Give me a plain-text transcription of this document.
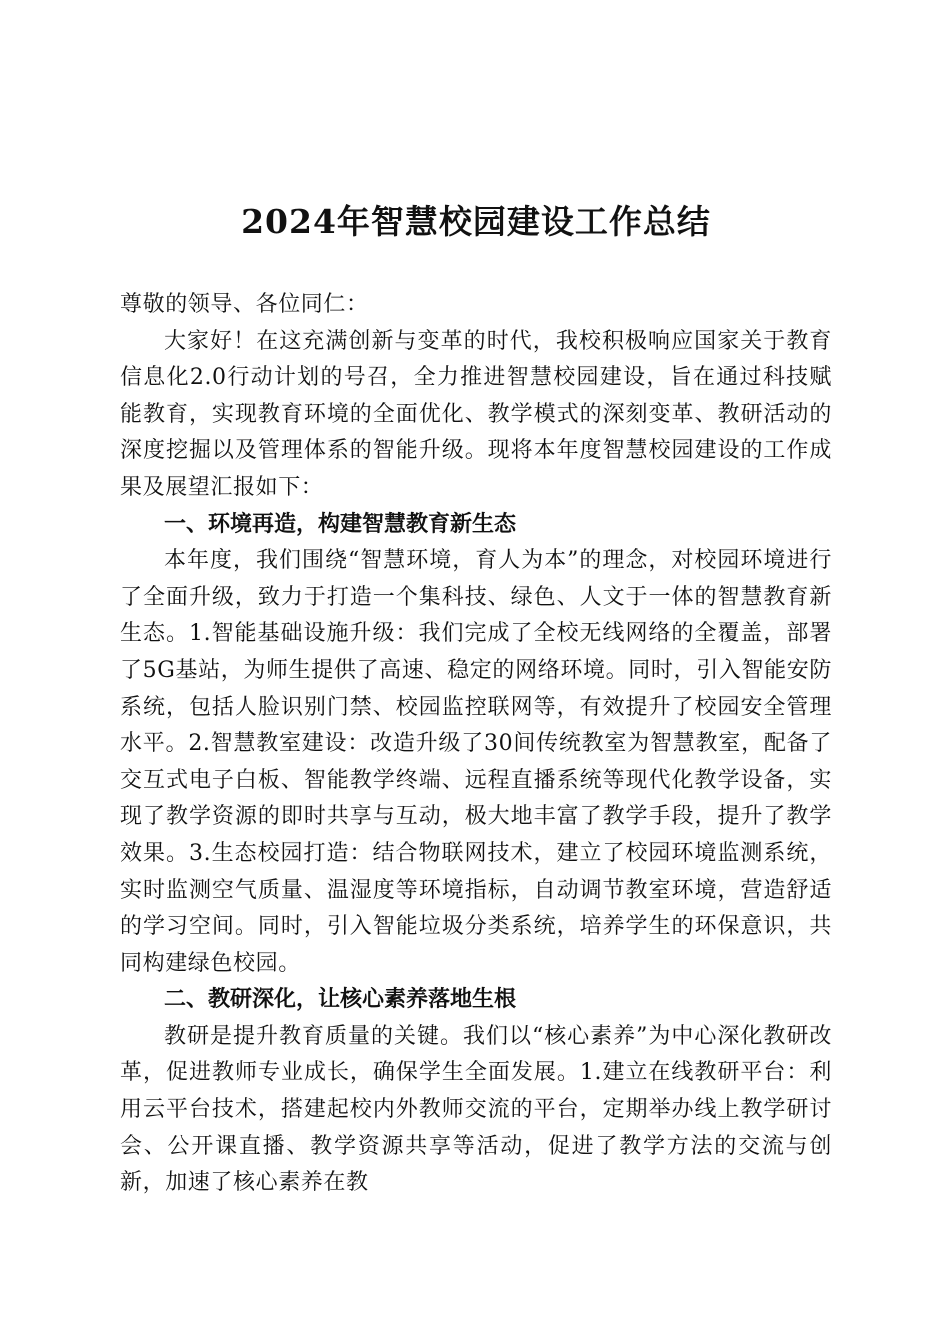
2024年智慧校园建设工作总结

尊敬的领导、各位同仁：

大家好！在这充满创新与变革的时代，我校积极响应国家关于教育信息化2.0行动计划的号召，全力推进智慧校园建设，旨在通过科技赋能教育，实现教育环境的全面优化、教学模式的深刻变革、教研活动的深度挖掘以及管理体系的智能升级。现将本年度智慧校园建设的工作成果及展望汇报如下：

一、环境再造，构建智慧教育新生态

本年度，我们围绕“智慧环境，育人为本”的理念，对校园环境进行了全面升级，致力于打造一个集科技、绿色、人文于一体的智慧教育新生态。1.智能基础设施升级：我们完成了全校无线网络的全覆盖，部署了5G基站，为师生提供了高速、稳定的网络环境。同时，引入智能安防系统，包括人脸识别门禁、校园监控联网等，有效提升了校园安全管理水平。2.智慧教室建设：改造升级了30间传统教室为智慧教室，配备了交互式电子白板、智能教学终端、远程直播系统等现代化教学设备，实现了教学资源的即时共享与互动，极大地丰富了教学手段，提升了教学效果。3.生态校园打造：结合物联网技术，建立了校园环境监测系统，实时监测空气质量、温湿度等环境指标，自动调节教室环境，营造舒适的学习空间。同时，引入智能垃圾分类系统，培养学生的环保意识，共同构建绿色校园。

二、教研深化，让核心素养落地生根

教研是提升教育质量的关键。我们以“核心素养”为中心深化教研改革，促进教师专业成长，确保学生全面发展。1.建立在线教研平台：利用云平台技术，搭建起校内外教师交流的平台，定期举办线上教学研讨会、公开课直播、教学资源共享等活动，促进了教学方法的交流与创新，加速了核心素养在教
